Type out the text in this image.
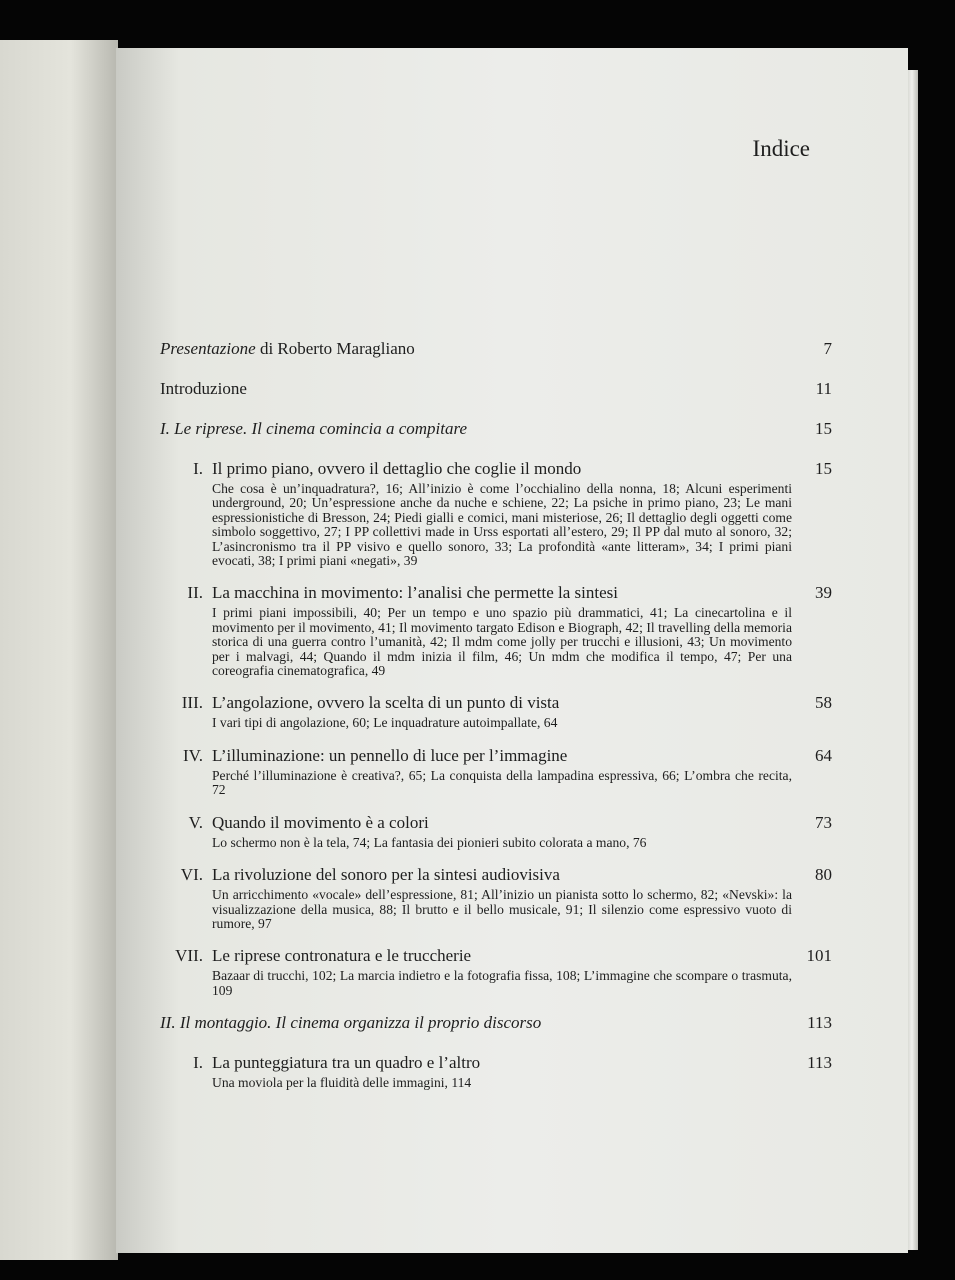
Indice
Presentazione di Roberto Maragliano	7
Introduzione	11
I. Le riprese. Il cinema comincia a compitare	15
I. Il primo piano, ovvero il dettaglio che coglie il mondo	15
Che cosa è un’inquadratura?, 16; All’inizio è come l’occhialino della nonna, 18; Alcuni esperimenti underground, 20; Un’espressione anche da nuche e schiene, 22; La psiche in primo piano, 23; Le mani espressionistiche di Bresson, 24; Piedi gialli e comici, mani misteriose, 26; Il dettaglio degli oggetti come simbolo soggettivo, 27; I PP collettivi made in Urss esportati all’estero, 29; Il PP dal muto al sonoro, 32; L’asincronismo tra il PP visivo e quello sonoro, 33; La profondità «ante litteram», 34; I primi piani evocati, 38; I primi piani «negati», 39
II. La macchina in movimento: l’analisi che permette la sintesi	39
I primi piani impossibili, 40; Per un tempo e uno spazio più drammatici, 41; La cinecartolina e il movimento per il movimento, 41; Il movimento targato Edison e Biograph, 42; Il travelling della memoria storica di una guerra contro l’umanità, 42; Il mdm come jolly per trucchi e illusioni, 43; Un movimento per i malvagi, 44; Quando il mdm inizia il film, 46; Un mdm che modifica il tempo, 47; Per una coreografia cinematografica, 49
III. L’angolazione, ovvero la scelta di un punto di vista	58
I vari tipi di angolazione, 60; Le inquadrature autoimpallate, 64
IV. L’illuminazione: un pennello di luce per l’immagine	64
Perché l’illuminazione è creativa?, 65; La conquista della lampadina espressiva, 66; L’ombra che recita, 72
V. Quando il movimento è a colori	73
Lo schermo non è la tela, 74; La fantasia dei pionieri subito colorata a mano, 76
VI. La rivoluzione del sonoro per la sintesi audiovisiva	80
Un arricchimento «vocale» dell’espressione, 81; All’inizio un pianista sotto lo schermo, 82; «Nevski»: la visualizzazione della musica, 88; Il brutto e il bello musicale, 91; Il silenzio come espressivo vuoto di rumore, 97
VII. Le riprese contronatura e le truccherie	101
Bazaar di trucchi, 102; La marcia indietro e la fotografia fissa, 108; L’immagine che scompare o trasmuta, 109
II. Il montaggio. Il cinema organizza il proprio discorso	113
I. La punteggiatura tra un quadro e l’altro	113
Una moviola per la fluidità delle immagini, 114
